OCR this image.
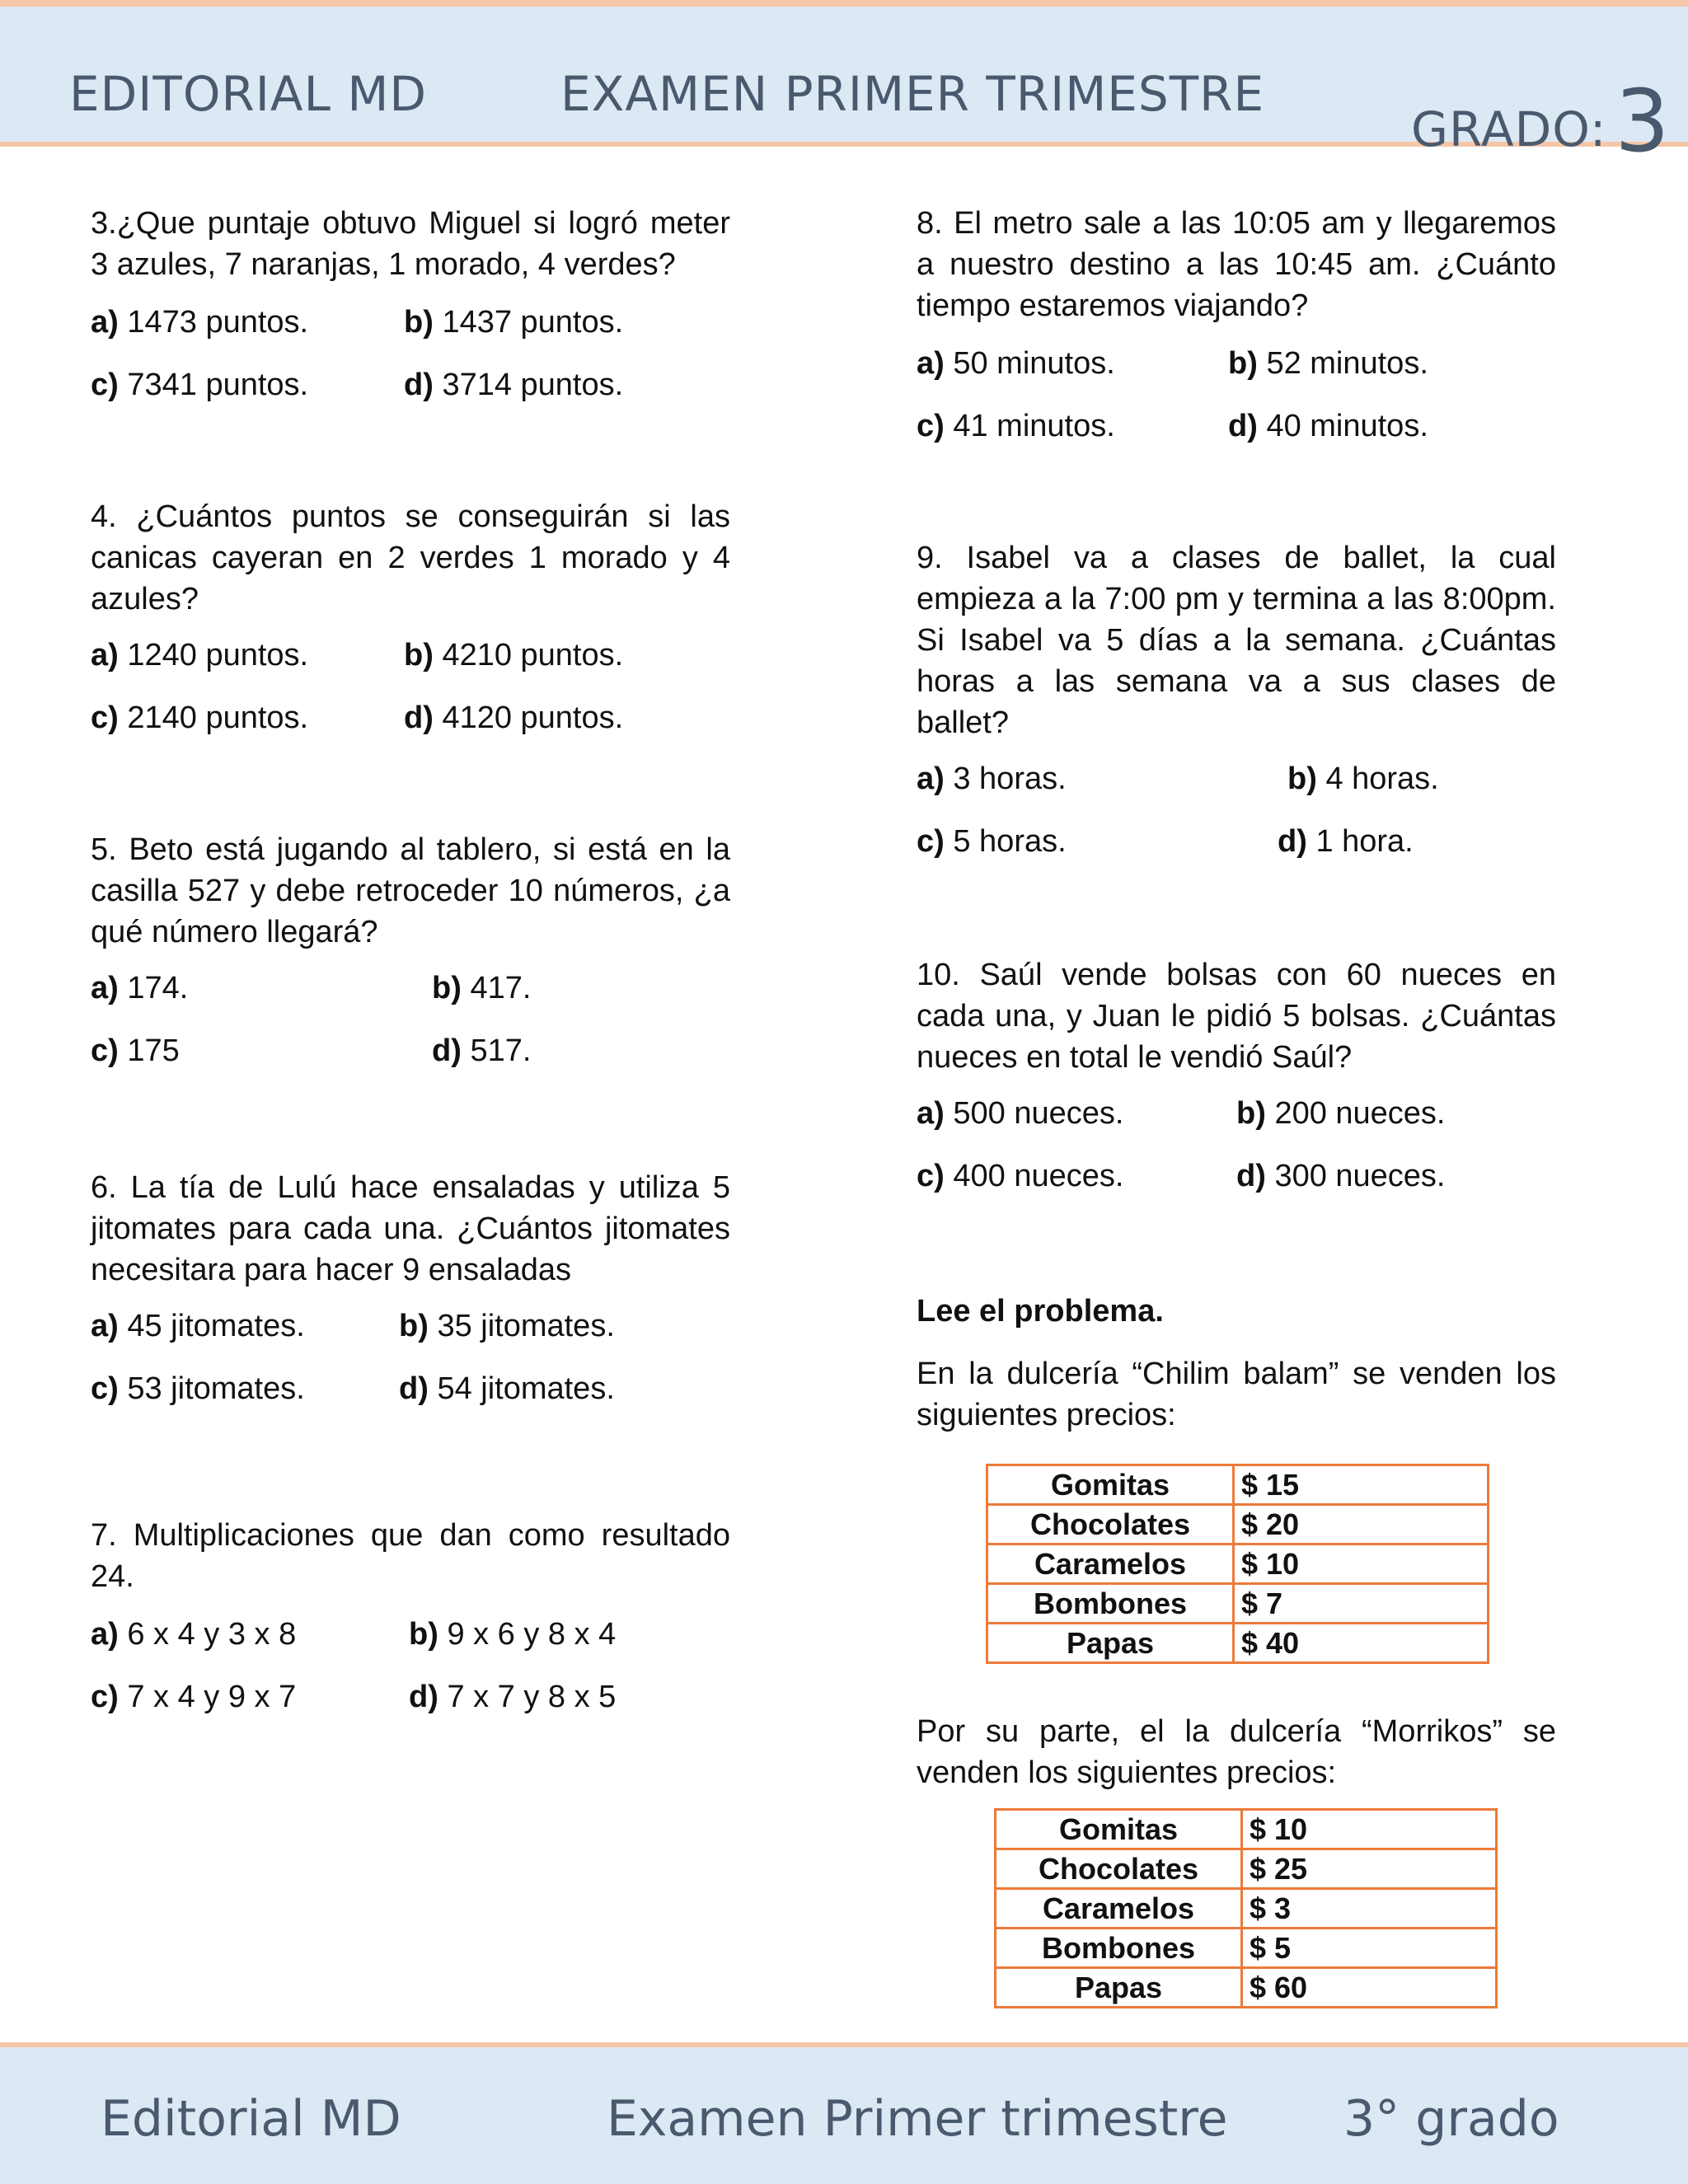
EDITORIAL MD	EXAMEN PRIMER TRIMESTRE
GRADO:3

3.¿Que puntaje obtuvo Miguel si logró meter 3 azules, 7 naranjas, 1 morado, 4 verdes?

a) 1473 puntos.	b) 1437 puntos.
c) 7341 puntos.	d) 3714 puntos.

4. ¿Cuántos puntos se conseguirán si las canicas cayeran en 2 verdes 1 morado y 4 azules?

a) 1240 puntos.	b) 4210 puntos.
c) 2140 puntos.	d) 4120 puntos.

5. Beto está jugando al tablero, si está en la casilla 527 y debe retroceder 10 números, ¿a qué número llegará?

a) 174.	b) 417.
c) 175	d) 517.

6. La tía de Lulú hace ensaladas y utiliza 5 jitomates para cada una. ¿Cuántos jitomates necesitara para hacer 9 ensaladas

a) 45 jitomates.	b) 35 jitomates.
c) 53 jitomates.	d) 54 jitomates.

7. Multiplicaciones que dan como resultado 24.

a) 6 x 4 y 3 x 8	b) 9 x 6 y 8 x 4
c) 7 x 4 y 9 x 7	d) 7 x 7 y 8 x 5

8. El metro sale a las 10:05 am y llegaremos a nuestro destino a las 10:45 am. ¿Cuánto tiempo estaremos viajando?

a) 50 minutos.	b) 52 minutos.
c) 41 minutos.	d) 40 minutos.

9. Isabel va a clases de ballet, la cual empieza a la 7:00 pm y termina a las 8:00pm. Si Isabel va 5 días a la semana. ¿Cuántas horas a las semana va a sus clases de ballet?

a) 3 horas.	b) 4 horas.
c) 5 horas.	d) 1 hora.

10. Saúl vende bolsas con 60 nueces en cada una, y Juan le pidió 5 bolsas. ¿Cuántas nueces en total le vendió Saúl?

a) 500 nueces.	b) 200 nueces.
c) 400 nueces.	d) 300 nueces.

Lee el problema.

En la dulcería “Chilim balam” se venden los siguientes precios:

Gomitas	$ 15
Chocolates	$ 20
Caramelos	$ 10
Bombones	$ 7
Papas	$ 40

Por su parte, el la dulcería “Morrikos” se venden los siguientes precios:

Gomitas	$ 10
Chocolates	$ 25
Caramelos	$ 3
Bombones	$ 5
Papas	$ 60
Editorial MD	Examen Primer trimestre 3° grado
